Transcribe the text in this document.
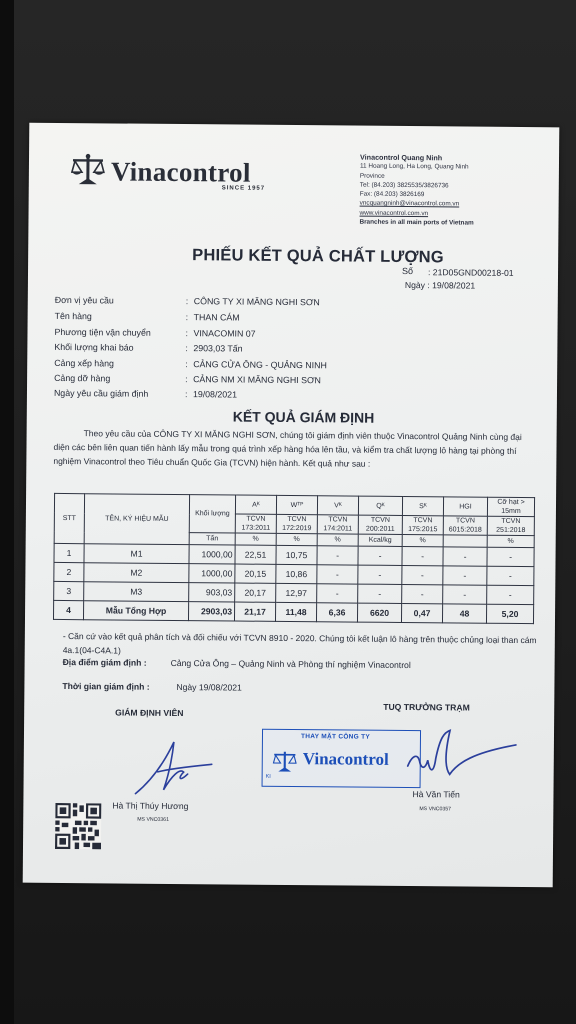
Vinacontrol
SINCE 1957
Vinacontrol Quang Ninh
11 Hoang Long, Ha Long, Quang Ninh
Province
Tel: (84.203) 3825535/3826736
Fax: (84.203) 3826169
vncquangninh@vinacontrol.com.vn
www.vinacontrol.com.vn
Branches in all main ports of Vietnam
PHIẾU KẾT QUẢ CHẤT LƯỢNG
Số : 21D05GND00218-01
Ngày : 19/08/2021
Đơn vị yêu cầu	: CÔNG TY XI MĂNG NGHI SƠN
Tên hàng	: THAN CÁM
Phương tiện vận chuyển	: VINACOMIN 07
Khối lượng khai báo	: 2903,03 Tấn
Cảng xếp hàng	: CẢNG CỬA ÔNG - QUẢNG NINH
Cảng dỡ hàng	: CẢNG NM XI MĂNG NGHI SƠN
Ngày yêu cầu giám định	: 19/08/2021
KẾT QUẢ GIÁM ĐỊNH
Theo yêu cầu của CÔNG TY XI MĂNG NGHI SƠN, chúng tôi giám định viên thuộc Vinacontrol Quảng Ninh cùng đại diện các bên liên quan tiến hành lấy mẫu trong quá trình xếp hàng hóa lên tầu, và kiểm tra chất lượng lô hàng tại phòng thí nghiệm Vinacontrol theo Tiêu chuẩn Quốc Gia (TCVN) hiện hành. Kết quả như sau :
STT	TÊN, KÝ HIỆU MẪU	Khối lượng	Aᴷ	Wᵀᴾ	Vᴷ	Qᴷ	Sᴷ	HGI	Cỡ hạt > 15mm
			TCVN 173:2011	TCVN 172:2019	TCVN 174:2011	TCVN 200:2011	TCVN 175:2015	TCVN 6015:2018	TCVN 251:2018
		Tấn	%	%	%	Kcal/kg	%		%
1	M1	1000,00	22,51	10,75	-	-	-	-	-
2	M2	1000,00	20,15	10,86	-	-	-	-	-
3	M3	903,03	20,17	12,97	-	-	-	-	-
4	Mẫu Tổng Hợp	2903,03	21,17	11,48	6,36	6620	0,47	48	5,20
- Căn cứ vào kết quả phân tích và đối chiếu với TCVN 8910 - 2020. Chúng tôi kết luận lô hàng trên thuộc chủng loại than cám 4a.1(04-C4A.1)
Địa điểm giám định :	Cảng Cửa Ông – Quảng Ninh và Phòng thí nghiệm Vinacontrol
Thời gian giám định :	Ngày 19/08/2021
GIÁM ĐỊNH VIÊN
TUQ TRƯỞNG TRẠM
THAY MẶT CÔNG TY
Vinacontrol
KI
Hà Thị Thúy Hương
MS VNC0361
Hà Văn Tiến
MS VNC0357
